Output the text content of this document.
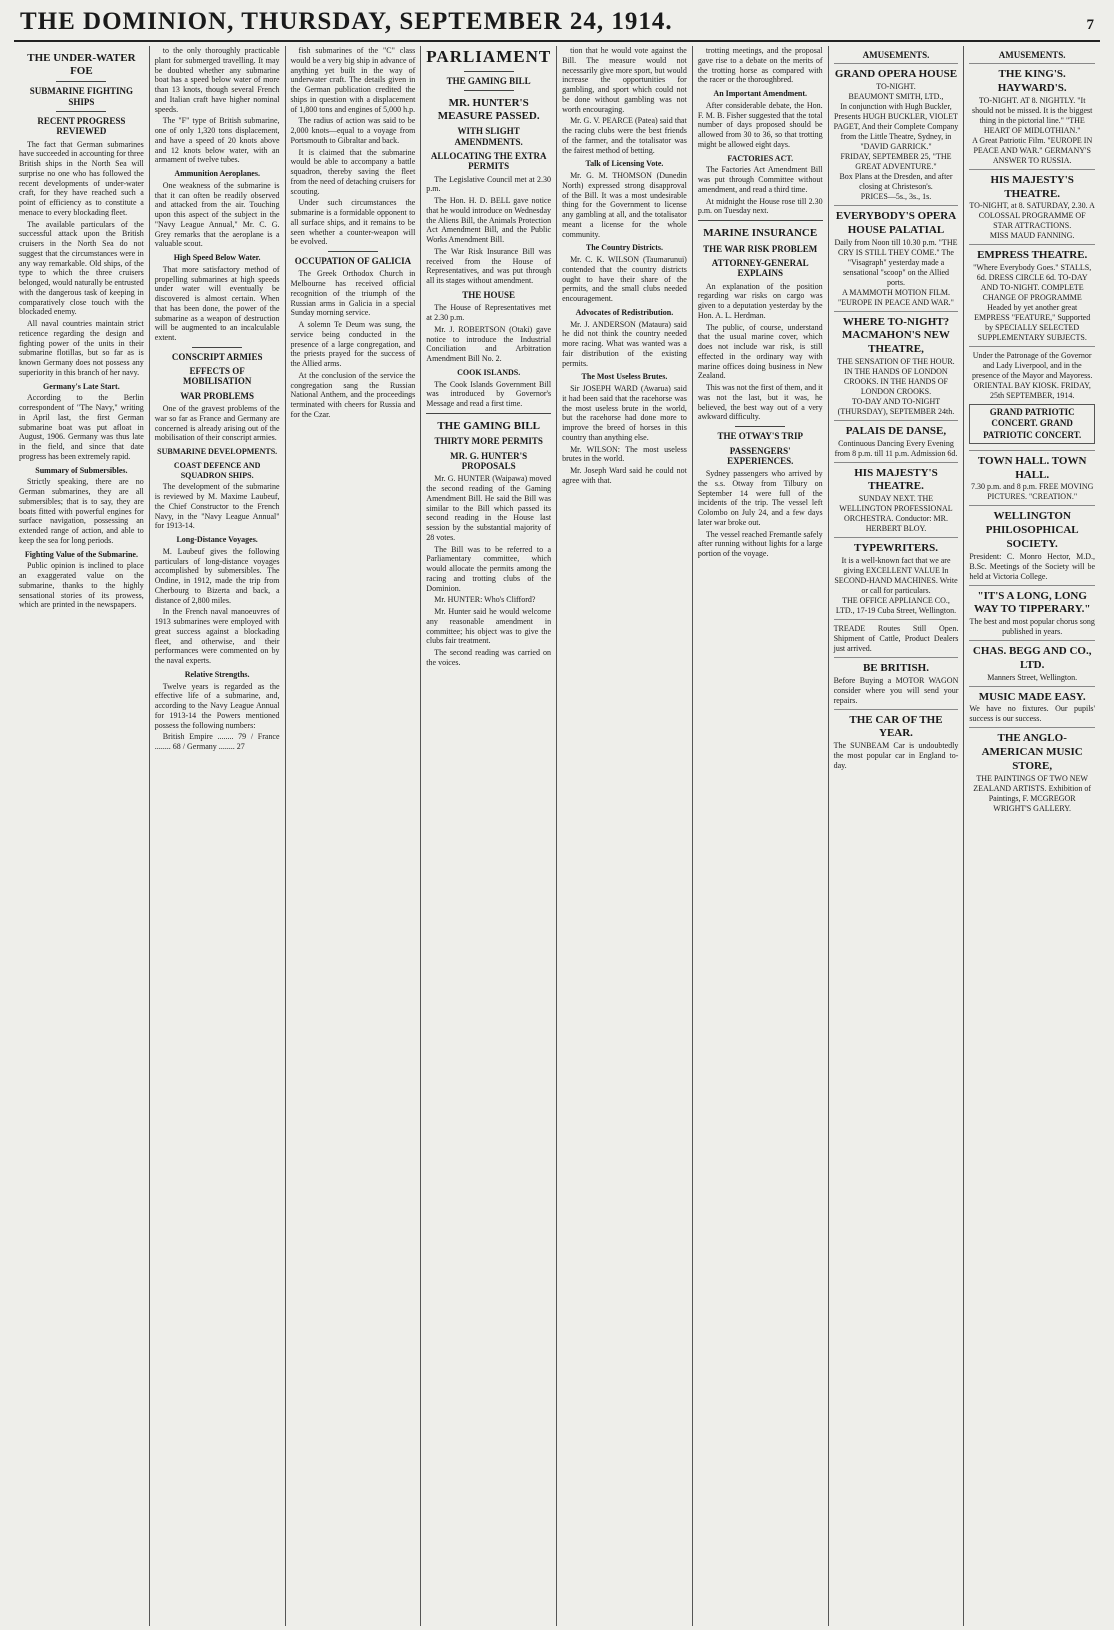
THE DOMINION, THURSDAY, SEPTEMBER 24, 1914.	7
THE UNDER-WATER FOE
SUBMARINE FIGHTING SHIPS
RECENT PROGRESS REVIEWED

The fact that German submarines have succeeded in accounting for three British ships in the North Sea will surprise no one who has followed the recent developments of under-water craft, for they have reached such a point of efficiency as to constitute a menace to every blockading fleet.

The available particulars of the successful attack upon the British cruisers in the North Sea do not suggest that the circumstances were in any way remarkable. Old ships, of the type to which the three cruisers belonged, would naturally be entrusted with the dangerous task of keeping in comparatively close touch with the blockaded enemy.

All naval countries maintain strict reticence regarding the design and fighting power of the units in their submarine flotillas, but so far as is known Germany does not possess any superiority in this branch of her navy.

Germany's Late Start.

According to the Berlin correspondent of "The Navy," writing in April last, the first German submarine boat was put afloat in August, 1906. Germany was thus late in the field, and since that date progress has been extremely rapid.

Summary of Submersibles.

Strictly speaking, there are no German submarines, they are all submersibles; that is to say, they are boats fitted with powerful engines for surface navigation, possessing an extended range of action, and able to keep the sea for long periods.

Fighting Value of the Submarine.

Public opinion is inclined to place an exaggerated value on the submarine, thanks to the highly sensational stories of its prowess, which are printed in the newspapers.

to the only thoroughly practicable plant for submerged travelling. It may be doubted whether any submarine boat has a speed below water of more than 13 knots, though several French and Italian craft have higher nominal speeds.

The "F" type of British submarine, one of only 1,320 tons displacement, and have a speed of 20 knots above and 12 knots below water, with an armament of twelve tubes.

Ammunition Aeroplanes.

One weakness of the submarine is that it can often be readily observed and attacked from the air. Touching upon this aspect of the subject in the "Navy League Annual," Mr. C. G. Grey remarks that the aeroplane is a valuable scout.

High Speed Below Water.

That more satisfactory method of propelling submarines at high speeds under water will eventually be discovered is almost certain. When that has been done, the power of the submarine as a weapon of destruction will be augmented to an incalculable extent.

CONSCRIPT ARMIES
EFFECTS OF MOBILISATION
WAR PROBLEMS

One of the gravest problems of the war so far as France and Germany are concerned is already arising out of the mobilisation of their conscript armies.

SUBMARINE DEVELOPMENTS.
COAST DEFENCE AND SQUADRON SHIPS.

The development of the submarine is reviewed by M. Maxime Laubeuf, the Chief Constructor to the French Navy, in the "Navy League Annual" for 1913-14.

Long-Distance Voyages.

M. Laubeuf gives the following particulars of long-distance voyages accomplished by submersibles. The Ondine, in 1912, made the trip from Cherbourg to Bizerta and back, a distance of 2,800 miles.

In the French naval manoeuvres of 1913 submarines were employed with great success against a blockading fleet, and otherwise, and their performances were commented on by the naval experts.

Relative Strengths.

Twelve years is regarded as the effective life of a submarine, and, according to the Navy League Annual for 1913-14 the Powers mentioned possess the following numbers:

British Empire ........ 79 / France ........ 68 / Germany ........ 27

fish submarines of the "C" class would be a very big ship in advance of anything yet built in the way of underwater craft. The details given in the German publication credited the ships in question with a displacement of 1,800 tons and engines of 5,000 h.p.

The radius of action was said to be 2,000 knots—equal to a voyage from Portsmouth to Gibraltar and back.

It is claimed that the submarine would be able to accompany a battle squadron, thereby saving the fleet from the need of detaching cruisers for scouting.

Under such circumstances the submarine is a formidable opponent to all surface ships, and it remains to be seen whether a counter-weapon will be evolved.

OCCUPATION OF GALICIA

The Greek Orthodox Church in Melbourne has received official recognition of the triumph of the Russian arms in Galicia in a special Sunday morning service.

A solemn Te Deum was sung, the service being conducted in the presence of a large congregation, and the priests prayed for the success of the Allied arms.

At the conclusion of the service the congregation sang the Russian National Anthem, and the proceedings terminated with cheers for Russia and for the Czar.

PARLIAMENT
THE GAMING BILL
MR. HUNTER'S MEASURE PASSED.
WITH SLIGHT AMENDMENTS.
ALLOCATING THE EXTRA PERMITS

The Legislative Council met at 2.30 p.m.

The Hon. H. D. BELL gave notice that he would introduce on Wednesday the Aliens Bill, the Animals Protection Act Amendment Bill, and the Public Works Amendment Bill.

The War Risk Insurance Bill was received from the House of Representatives, and was put through all its stages without amendment.

THE HOUSE

The House of Representatives met at 2.30 p.m.

Mr. J. ROBERTSON (Otaki) gave notice to introduce the Industrial Conciliation and Arbitration Amendment Bill No. 2.

COOK ISLANDS.

The Cook Islands Government Bill was introduced by Governor's Message and read a first time.

THE GAMING BILL
THIRTY MORE PERMITS
MR. G. HUNTER'S PROPOSALS

Mr. G. HUNTER (Waipawa) moved the second reading of the Gaming Amendment Bill. He said the Bill was similar to the Bill which passed its second reading in the House last session by the substantial majority of 28 votes.

The Bill was to be referred to a Parliamentary committee, which would allocate the permits among the racing and trotting clubs of the Dominion.

Mr. HUNTER: Who's Clifford?

Mr. Hunter said he would welcome any reasonable amendment in committee; his object was to give the clubs fair treatment.

The second reading was carried on the voices.

tion that he would vote against the Bill. The measure would not necessarily give more sport, but would increase the opportunities for gambling, and sport which could not be done without gambling was not worth encouraging.

Mr. G. V. PEARCE (Patea) said that the racing clubs were the best friends of the farmer, and the totalisator was the fairest method of betting.

Talk of Licensing Vote.

Mr. G. M. THOMSON (Dunedin North) expressed strong disapproval of the Bill. It was a most undesirable thing for the Government to license any gambling at all, and the totalisator meant a license for the whole community.

The Country Districts.

Mr. C. K. WILSON (Taumarunui) contended that the country districts ought to have their share of the permits, and the small clubs needed encouragement.

Advocates of Redistribution.

Mr. J. ANDERSON (Mataura) said he did not think the country needed more racing. What was wanted was a fair distribution of the existing permits.

The Most Useless Brutes.

Sir JOSEPH WARD (Awarua) said it had been said that the racehorse was the most useless brute in the world, but the racehorse had done more to improve the breed of horses in this country than anything else.

Mr. WILSON: The most useless brutes in the world.

Mr. Joseph Ward said he could not agree with that.

trotting meetings, and the proposal gave rise to a debate on the merits of the trotting horse as compared with the racer or the thoroughbred.

An Important Amendment.

After considerable debate, the Hon. F. M. B. Fisher suggested that the total number of days proposed should be allowed from 30 to 36, so that trotting might be allowed eight days.

FACTORIES ACT.

The Factories Act Amendment Bill was put through Committee without amendment, and read a third time.

At midnight the House rose till 2.30 p.m. on Tuesday next.

MARINE INSURANCE
THE WAR RISK PROBLEM
ATTORNEY-GENERAL EXPLAINS

An explanation of the position regarding war risks on cargo was given to a deputation yesterday by the Hon. A. L. Herdman.

The public, of course, understand that the usual marine cover, which does not include war risk, is still effected in the ordinary way with marine offices doing business in New Zealand.

This was not the first of them, and it was not the last, but it was, he believed, the best way out of a very awkward difficulty.

THE OTWAY'S TRIP
PASSENGERS' EXPERIENCES.

Sydney passengers who arrived by the s.s. Otway from Tilbury on September 14 were full of the incidents of the trip. The vessel left Colombo on July 24, and a few days later war broke out.

The vessel reached Fremantle safely after running without lights for a large portion of the voyage.

AMUSEMENTS.
GRAND OPERA HOUSE
TO-NIGHT.
BEAUMONT SMITH, LTD.,
In conjunction with Hugh Buckler, Presents HUGH BUCKLER, VIOLET PAGET, And their Complete Company from the Little Theatre, Sydney, in "DAVID GARRICK."
FRIDAY, SEPTEMBER 25, "THE GREAT ADVENTURE."
Box Plans at the Dresden, and after closing at Christeson's.
PRICES—5s., 3s., 1s.
EVERYBODY'S OPERA HOUSE PALATIAL
Daily from Noon till 10.30 p.m. "THE CRY IS STILL THEY COME." The "Visagraph" yesterday made a sensational "scoop" on the Allied ports.
A MAMMOTH MOTION FILM. "EUROPE IN PEACE AND WAR."
WHERE TO-NIGHT? MACMAHON'S NEW THEATRE,
THE SENSATION OF THE HOUR. IN THE HANDS OF LONDON CROOKS. IN THE HANDS OF LONDON CROOKS.
TO-DAY AND TO-NIGHT (THURSDAY), SEPTEMBER 24th.
PALAIS DE DANSE,
Continuous Dancing Every Evening from 8 p.m. till 11 p.m. Admission 6d.
HIS MAJESTY'S THEATRE.
SUNDAY NEXT. THE WELLINGTON PROFESSIONAL ORCHESTRA. Conductor: MR. HERBERT BLOY.
TYPEWRITERS.
It is a well-known fact that we are giving EXCELLENT VALUE In SECOND-HAND MACHINES. Write or call for particulars.
THE OFFICE APPLIANCE CO., LTD., 17-19 Cuba Street, Wellington.
TREADE Routes Still Open. Shipment of Cattle, Product Dealers just arrived.
BE BRITISH.
Before Buying a MOTOR WAGON consider where you will send your repairs.
THE CAR OF THE YEAR.
The SUNBEAM Car is undoubtedly the most popular car in England to-day.
AMUSEMENTS.
THE KING'S. HAYWARD'S.
TO-NIGHT. AT 8. NIGHTLY. "It should not be missed. It is the biggest thing in the pictorial line." "THE HEART OF MIDLOTHIAN."
A Great Patriotic Film. "EUROPE IN PEACE AND WAR." GERMANY'S ANSWER TO RUSSIA.
HIS MAJESTY'S THEATRE.
TO-NIGHT, at 8. SATURDAY, 2.30. A COLOSSAL PROGRAMME OF STAR ATTRACTIONS.
MISS MAUD FANNING.
EMPRESS THEATRE.
"Where Everybody Goes." STALLS, 6d. DRESS CIRCLE 6d. TO-DAY AND TO-NIGHT. COMPLETE CHANGE OF PROGRAMME
Headed by yet another great EMPRESS "FEATURE," Supported by SPECIALLY SELECTED SUPPLEMENTARY SUBJECTS.
Under the Patronage of the Governor and Lady Liverpool, and in the presence of the Mayor and Mayoress. ORIENTAL BAY KIOSK. FRIDAY, 25th SEPTEMBER, 1914.
GRAND PATRIOTIC CONCERT. GRAND PATRIOTIC CONCERT.
TOWN HALL. TOWN HALL.
7.30 p.m. and 8 p.m. FREE MOVING PICTURES. "CREATION."
WELLINGTON PHILOSOPHICAL SOCIETY.
President: C. Monro Hector, M.D., B.Sc. Meetings of the Society will be held at Victoria College.
"IT'S A LONG, LONG WAY TO TIPPERARY."
The best and most popular chorus song published in years.
CHAS. BEGG AND CO., LTD.
Manners Street, Wellington.
MUSIC MADE EASY.
We have no fixtures. Our pupils' success is our success.
THE ANGLO-AMERICAN MUSIC STORE,
THE PAINTINGS OF TWO NEW ZEALAND ARTISTS. Exhibition of Paintings, F. MCGREGOR WRIGHT'S GALLERY.
